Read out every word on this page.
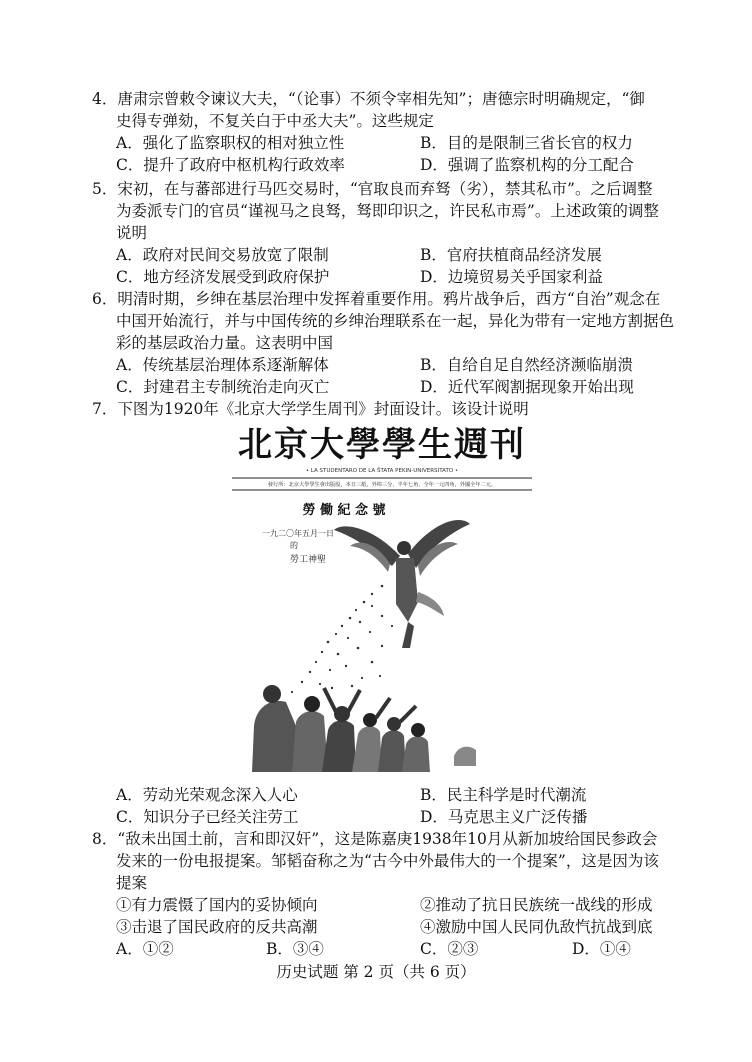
4．唐肃宗曾敕令谏议大夫，“（论事）不须令宰相先知”；唐德宗时明确规定，“御
史得专弹劾，不复关白于中丞大夫”。这些规定
A．强化了监察职权的相对独立性	B．目的是限制三省长官的权力
C．提升了政府中枢机构行政效率	D．强调了监察机构的分工配合
5．宋初，在与蕃部进行马匹交易时，“官取良而弃驽（劣），禁其私市”。之后调整
为委派专门的官员“谨视马之良驽，驽即印识之，许民私市焉”。上述政策的调整
说明
A．政府对民间交易放宽了限制	B．官府扶植商品经济发展
C．地方经济发展受到政府保护	D．边境贸易关乎国家利益
6．明清时期，乡绅在基层治理中发挥着重要作用。鸦片战争后，西方“自治”观念在
中国开始流行，并与中国传统的乡绅治理联系在一起，异化为带有一定地方割据色
彩的基层政治力量。这表明中国
A．传统基层治理体系逐渐解体	B．自给自足自然经济濒临崩溃
C．封建君主专制统治走向灭亡	D．近代军阀割据现象开始出现
7．下图为1920年《北京大学学生周刊》封面设计。该设计说明
北京大學學生週刊
• LA STUDENTARO DE LA ŜTATA PEKIN-UNIVERSITATO •
發行所：北京大學學生會出版股，本日三紙，外埠三分，半年七角，全年一元四角，外國全年二元。
勞 働 紀 念 號
一九二〇年五月一日
的
勞工神聖
A．劳动光荣观念深入人心	B．民主科学是时代潮流
C．知识分子已经关注劳工	D．马克思主义广泛传播
8．“敌未出国土前，言和即汉奸”，这是陈嘉庚1938年10月从新加坡给国民参政会
发来的一份电报提案。邹韬奋称之为“古今中外最伟大的一个提案”，这是因为该
提案
①有力震慑了国内的妥协倾向	②推动了抗日民族统一战线的形成
③击退了国民政府的反共高潮	④激励中国人民同仇敌忾抗战到底
A．①②	B．③④	C．②③	D．①④
历史试题 第 2 页（共 6 页）
